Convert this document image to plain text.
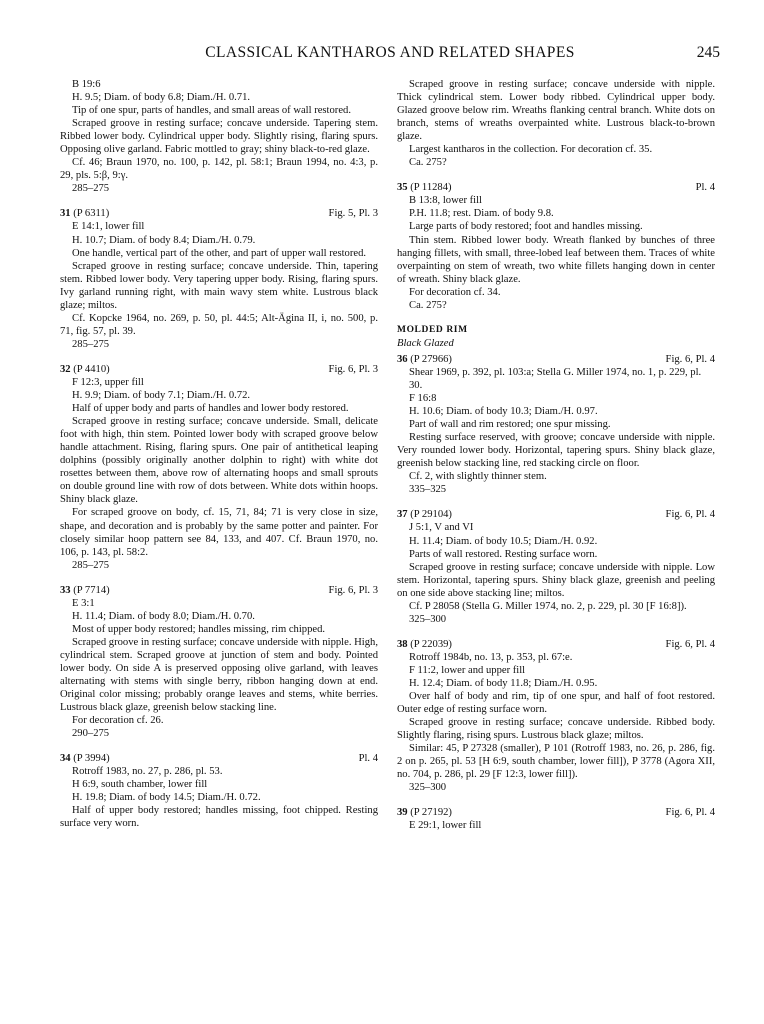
CLASSICAL KANTHAROS AND RELATED SHAPES	245
B 19:6
H. 9.5; Diam. of body 6.8; Diam./H. 0.71.

Tip of one spur, parts of handles, and small areas of wall restored.

Scraped groove in resting surface; concave underside. Tapering stem. Ribbed lower body. Cylindrical upper body. Slightly rising, flaring spurs. Opposing olive garland. Fabric mottled to gray; shiny black-to-red glaze.

Cf. 46; Braun 1970, no. 100, p. 142, pl. 58:1; Braun 1994, no. 4:3, p. 29, pls. 5:β, 9:γ.

285–275
31 (P 6311)	Fig. 5, Pl. 3
E 14:1, lower fill
H. 10.7; Diam. of body 8.4; Diam./H. 0.79.

One handle, vertical part of the other, and part of upper wall restored.

Scraped groove in resting surface; concave underside. Thin, tapering stem. Ribbed lower body. Very tapering upper body. Rising, flaring spurs. Ivy garland running right, with main wavy stem white. Lustrous black glaze; miltos.

Cf. Kopcke 1964, no. 269, p. 50, pl. 44:5; Alt-Ägina II, i, no. 500, p. 71, fig. 57, pl. 39.

285–275
32 (P 4410)	Fig. 6, Pl. 3
F 12:3, upper fill
H. 9.9; Diam. of body 7.1; Diam./H. 0.72.

Half of upper body and parts of handles and lower body restored.

Scraped groove in resting surface; concave underside. Small, delicate foot with high, thin stem. Pointed lower body with scraped groove below handle attachment. Rising, flaring spurs. One pair of antithetical leaping dolphins (possibly originally another dolphin to right) with white dot rosettes between them, above row of alternating hoops and small sprouts on double ground line with row of dots between. White dots within hoops. Shiny black glaze.

For scraped groove on body, cf. 15, 71, 84; 71 is very close in size, shape, and decoration and is probably by the same potter and painter. For closely similar hoop pattern see 84, 133, and 407. Cf. Braun 1970, no. 106, p. 143, pl. 58:2.

285–275
33 (P 7714)	Fig. 6, Pl. 3
E 3:1
H. 11.4; Diam. of body 8.0; Diam./H. 0.70.

Most of upper body restored; handles missing, rim chipped.

Scraped groove in resting surface; concave underside with nipple. High, cylindrical stem. Scraped groove at junction of stem and body. Pointed lower body. On side A is preserved opposing olive garland, with leaves alternating with stems with single berry, ribbon hanging down at end. Original color missing; probably orange leaves and stems, white berries. Lustrous black glaze, greenish below stacking line.

For decoration cf. 26.

290–275
34 (P 3994)	Pl. 4
Rotroff 1983, no. 27, p. 286, pl. 53.
H 6:9, south chamber, lower fill
H. 19.8; Diam. of body 14.5; Diam./H. 0.72.

Half of upper body restored; handles missing, foot chipped. Resting surface very worn.

Scraped groove in resting surface; concave underside with nipple. Thick cylindrical stem. Lower body ribbed. Cylindrical upper body. Glazed groove below rim. Wreaths flanking central branch. White dots on branch, stems of wreaths overpainted white. Lustrous black-to-brown glaze.

Largest kantharos in the collection. For decoration cf. 35.

Ca. 275?
35 (P 11284)	Pl. 4
B 13:8, lower fill
P.H. 11.8; rest. Diam. of body 9.8.

Large parts of body restored; foot and handles missing.

Thin stem. Ribbed lower body. Wreath flanked by bunches of three hanging fillets, with small, three-lobed leaf between them. Traces of white overpainting on stem of wreath, two white fillets hanging down in center of wreath. Shiny black glaze.

For decoration cf. 34.

Ca. 275?
MOLDED RIM
Black Glazed
36 (P 27966)	Fig. 6, Pl. 4
Shear 1969, p. 392, pl. 103:a; Stella G. Miller 1974, no. 1, p. 229, pl. 30.
F 16:8
H. 10.6; Diam. of body 10.3; Diam./H. 0.97.

Part of wall and rim restored; one spur missing.

Resting surface reserved, with groove; concave underside with nipple. Very rounded lower body. Horizontal, tapering spurs. Shiny black glaze, greenish below stacking line, red stacking circle on floor.

Cf. 2, with slightly thinner stem.

335–325
37 (P 29104)	Fig. 6, Pl. 4
J 5:1, V and VI
H. 11.4; Diam. of body 10.5; Diam./H. 0.92.

Parts of wall restored. Resting surface worn.

Scraped groove in resting surface; concave underside with nipple. Low stem. Horizontal, tapering spurs. Shiny black glaze, greenish and peeling on one side above stacking line; miltos.

Cf. P 28058 (Stella G. Miller 1974, no. 2, p. 229, pl. 30 [F 16:8]).

325–300
38 (P 22039)	Fig. 6, Pl. 4
Rotroff 1984b, no. 13, p. 353, pl. 67:e.
F 11:2, lower and upper fill
H. 12.4; Diam. of body 11.8; Diam./H. 0.95.

Over half of body and rim, tip of one spur, and half of foot restored. Outer edge of resting surface worn.

Scraped groove in resting surface; concave underside. Ribbed body. Slightly flaring, rising spurs. Lustrous black glaze; miltos.

Similar: 45, P 27328 (smaller), P 101 (Rotroff 1983, no. 26, p. 286, fig. 2 on p. 265, pl. 53 [H 6:9, south chamber, lower fill]), P 3778 (Agora XII, no. 704, p. 286, pl. 29 [F 12:3, lower fill]).

325–300
39 (P 27192)	Fig. 6, Pl. 4
E 29:1, lower fill
